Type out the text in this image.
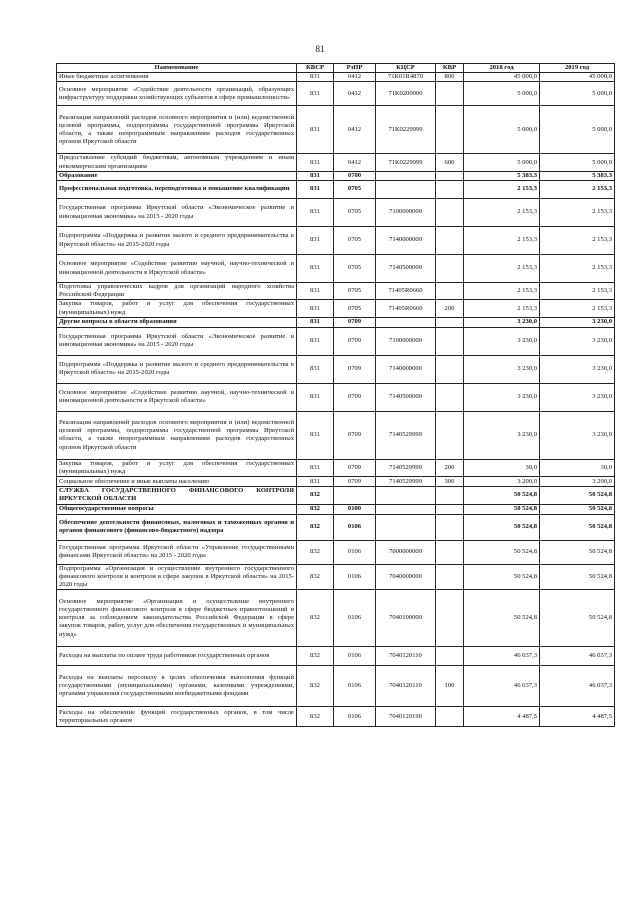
81
Наименование	КВСР	РзПР	КЦСР	КВР	2018 год	2019 год
Иные бюджетные ассигнования	831	0412	71К01R4870	800	45 000,0	45 000,0
Основное мероприятие «Содействие деятельности организаций, образующих инфраструктуру поддержки хозяйствующих субъектов в сфере промышленности»	831	0412	71К0200000		5 000,0	5 000,0
Реализация направлений расходов основного мероприятия и (или) ведомственной целевой программы, подпрограммы государственной программы Иркутской области, а также непрограммным направлениям расходов государственных органов Иркутской области	831	0412	71К0229999		5 000,0	5 000,0
Предоставление субсидий бюджетным, автономным учреждениям и иным некоммерческим организациям	831	0412	71К0229999	600	5 000,0	5 000,0
Образование	831	0700			5 383,3	5 383,3
Профессиональная подготовка, переподготовка и повышение квалификации	831	0705			2 153,3	2 153,3
Государственная программа Иркутской области «Экономическое развитие и инновационная экономика» на 2015 - 2020 годы	831	0705	7100000000		2 153,3	2 153,3
Подпрограмма «Поддержка и развитие малого и среднего предпринимательства в Иркутской области» на 2015-2020 годы	831	0705	7140000000		2 153,3	2 153,3
Основное мероприятие «Содействие развитию научной, научно-технической и инновационной деятельности в Иркутской области»	831	0705	7140500000		2 153,3	2 153,3
Подготовка управленческих кадров для организаций народного хозяйства Российской Федерации	831	0705	71405R0660		2 153,3	2 153,3
Закупка товаров, работ и услуг для обеспечения государственных (муниципальных) нужд	831	0705	71405R0660	200	2 153,3	2 153,3
Другие вопросы в области образования	831	0709			3 230,0	3 230,0
Государственная программа Иркутской области «Экономическое развитие и инновационная экономика» на 2015 - 2020 годы	831	0709	7100000000		3 230,0	3 230,0
Подпрограмма «Поддержка и развитие малого и среднего предпринимательства в Иркутской области» на 2015-2020 годы	831	0709	7140000000		3 230,0	3 230,0
Основное мероприятие «Содействие развитию научной, научно-технической и инновационной деятельности в Иркутской области»	831	0709	7140500000		3 230,0	3 230,0
Реализация направлений расходов основного мероприятия и (или) ведомственной целевой программы, подпрограммы государственной программы Иркутской области, а также непрограммным направлениям расходов государственных органов Иркутской области	831	0709	7140529999		3 230,0	3 230,0
Закупка товаров, работ и услуг для обеспечения государственных (муниципальных) нужд	831	0709	7140529999	200	30,0	30,0
Социальное обеспечение и иные выплаты населению	831	0709	7140529999	300	3 200,0	3 200,0
СЛУЖБА ГОСУДАРСТВЕННОГО ФИНАНСОВОГО КОНТРОЛЯ ИРКУТСКОЙ ОБЛАСТИ	832				50 524,8	50 524,8
Общегосударственные вопросы	832	0100			50 524,8	50 524,8
Обеспечение деятельности финансовых, налоговых и таможенных органов и органов финансового (финансово-бюджетного) надзора	832	0106			50 524,8	50 524,8
Государственная программа Иркутской области «Управление государственными финансами Иркутской области» на 2015 - 2020 годы	832	0106	7000000000		50 524,8	50 524,8
Подпрограмма «Организация и осуществление внутреннего государственного финансового контроля и контроля в сфере закупок в Иркутской области» на 2015-2020 годы	832	0106	7040000000		50 524,8	50 524,8
Основное мероприятие «Организация и осуществление внутреннего государственного финансового контроля в сфере бюджетных правоотношений и контроля за соблюдением законодательства Российской Федерации в сфере закупок товаров, работ, услуг для обеспечения государственных и муниципальных нужд»	832	0106	7040100000		50 524,8	50 524,8
Расходы на выплаты по оплате труда работников государственных органов	832	0106	7040120110		46 037,3	46 037,3
Расходы на выплаты персоналу в целях обеспечения выполнения функций государственными (муниципальными) органами, казенными учреждениями, органами управления государственными внебюджетными фондами	832	0106	7040120110	100	46 037,3	46 037,3
Расходы на обеспечение функций государственных органов, в том числе территориальных органов	832	0106	7040120190		4 487,5	4 487,5
